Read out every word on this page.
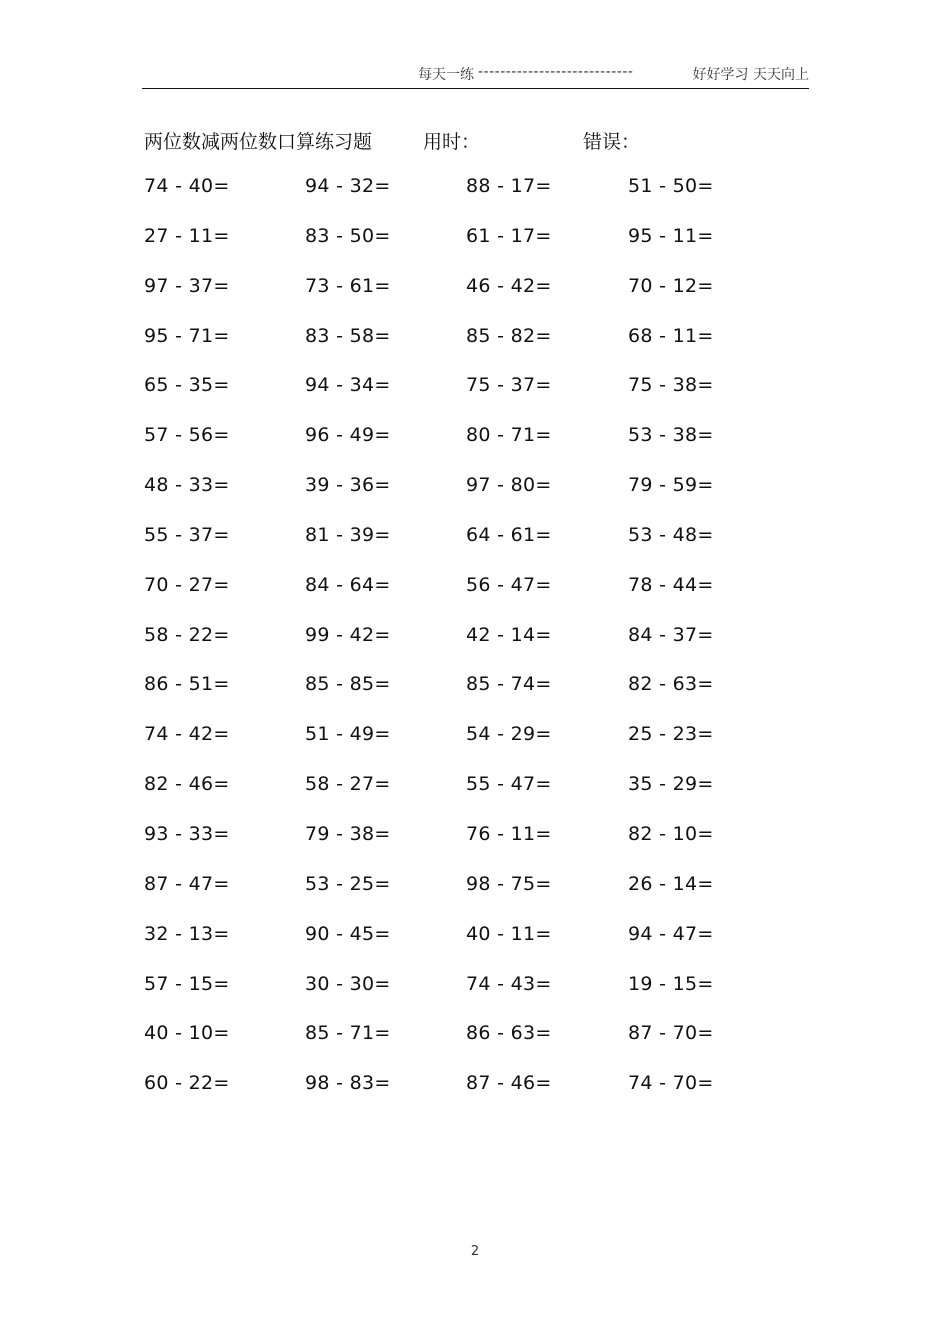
每天一练 ----------------------------	好好学习 天天向上
两位数减两位数口算练习题	用时：	错误：
74 - 40=	94 - 32=	88 - 17=	51 - 50=
27 - 11=	83 - 50=	61 - 17=	95 - 11=
97 - 37=	73 - 61=	46 - 42=	70 - 12=
95 - 71=	83 - 58=	85 - 82=	68 - 11=
65 - 35=	94 - 34=	75 - 37=	75 - 38=
57 - 56=	96 - 49=	80 - 71=	53 - 38=
48 - 33=	39 - 36=	97 - 80=	79 - 59=
55 - 37=	81 - 39=	64 - 61=	53 - 48=
70 - 27=	84 - 64=	56 - 47=	78 - 44=
58 - 22=	99 - 42=	42 - 14=	84 - 37=
86 - 51=	85 - 85=	85 - 74=	82 - 63=
74 - 42=	51 - 49=	54 - 29=	25 - 23=
82 - 46=	58 - 27=	55 - 47=	35 - 29=
93 - 33=	79 - 38=	76 - 11=	82 - 10=
87 - 47=	53 - 25=	98 - 75=	26 - 14=
32 - 13=	90 - 45=	40 - 11=	94 - 47=
57 - 15=	30 - 30=	74 - 43=	19 - 15=
40 - 10=	85 - 71=	86 - 63=	87 - 70=
60 - 22=	98 - 83=	87 - 46=	74 - 70=
2
